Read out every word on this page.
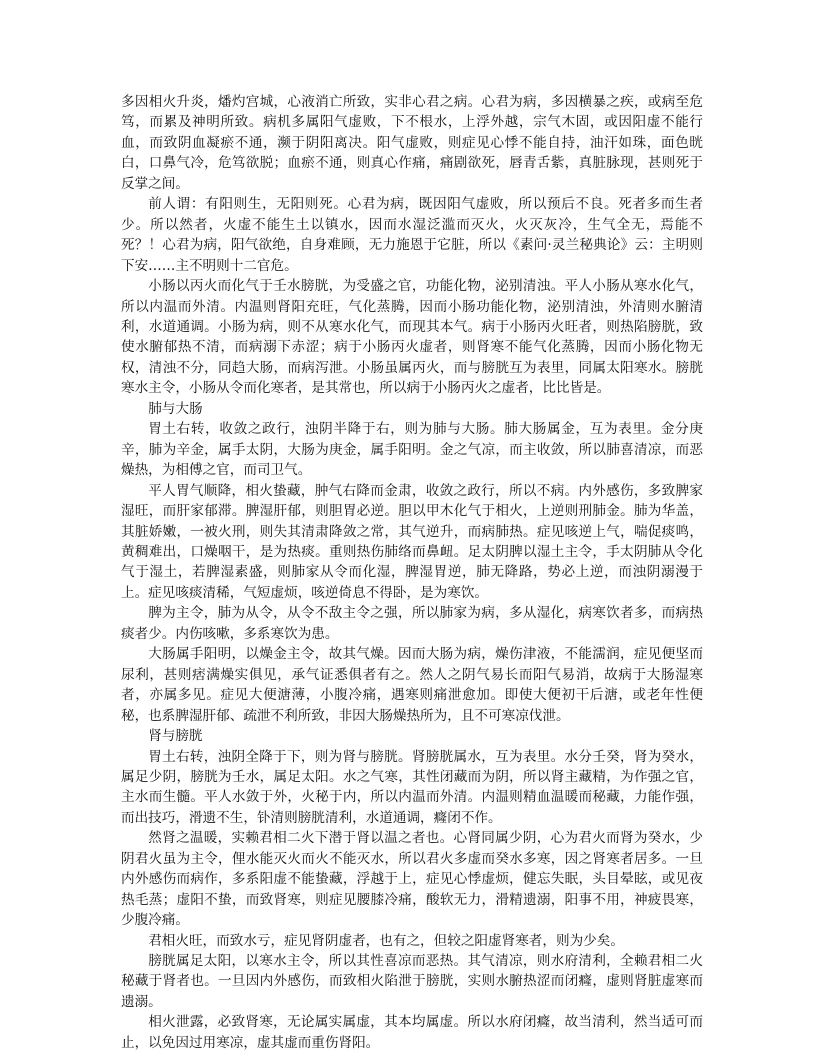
多因相火升炎，燔灼宫城，心液消亡所致，实非心君之病。心君为病，多因横暴之疾，或病至危笃，而累及神明所致。病机多属阳气虚败，下不根水，上浮外越，宗气木固，或因阳虚不能行血，而致阴血凝瘀不通，濒于阴阳离决。阳气虚败，则症见心悸不能自持，油汗如珠，面色晄白，口鼻气冷，危笃欲脱；血瘀不通，则真心作痛，痛剧欲死，唇青舌紫，真脏脉现，甚则死于反掌之间。

前人谓：有阳则生，无阳则死。心君为病，既因阳气虚败，所以预后不良。死者多而生者少。所以然者，火虚不能生土以镇水，因而水湿泛滥而灭火，火灭灰冷，生气全无，焉能不死？！心君为病，阳气欲绝，自身难顾，无力施恩于它脏，所以《素问·灵兰秘典论》云：主明则下安……主不明则十二官危。

小肠以丙火而化气于壬水膀胱，为受盛之官，功能化物，泌别清浊。平人小肠从寒水化气，所以内温而外清。内温则肾阳充旺，气化蒸腾，因而小肠功能化物，泌别清浊，外清则水腑清利，水道通调。小肠为病，则不从寒水化气，而现其本气。病于小肠丙火旺者，则热陷膀胱，致使水腑郁热不清，而病溺下赤涩；病于小肠丙火虚者，则肾寒不能气化蒸腾，因而小肠化物无权，清浊不分，同趋大肠，而病泻泄。小肠虽属丙火，而与膀胱互为表里，同属太阳寒水。膀胱寒水主令，小肠从令而化寒者，是其常也，所以病于小肠丙火之虚者，比比皆是。

肺与大肠

胃土右转，收敛之政行，浊阴半降于右，则为肺与大肠。肺大肠属金，互为表里。金分庚辛，肺为辛金，属手太阴，大肠为庚金，属手阳明。金之气凉，而主收敛，所以肺喜清凉，而恶燥热，为相傅之官，而司卫气。

平人胃气顺降，相火蛰藏，肿气右降而金肃，收敛之政行，所以不病。内外感伤，多致脾家湿旺，而肝家郁滞。脾湿肝郁，则胆胃必逆。胆以甲木化气于相火，上逆则刑肺金。肺为华盖，其脏娇嫩，一被火刑，则失其清肃降敛之常，其气逆升，而病肺热。症见咳逆上气，喘促痰鸣，黄稠难出，口燥咽干，是为热痰。重则热伤肺络而鼻衄。足太阴脾以湿土主令，手太阴肺从令化气于湿土，若脾湿素盛，则肺家从令而化湿，脾湿胃逆，肺无降路，势必上逆，而浊阴溺漫于上。症见咳痰清稀，气短虚烦，咳逆倚息不得卧，是为寒饮。

脾为主令，肺为从令，从令不敌主令之强，所以肺家为病，多从湿化，病寒饮者多，而病热痰者少。内伤咳嗽，多系寒饮为患。

大肠属手阳明，以燥金主令，故其气燥。因而大肠为病，燥伤津液，不能濡润，症见便坚而尿利，甚则痞满燥实俱见，承气证悉俱者有之。然人之阴气易长而阳气易消，故病于大肠湿寒者，亦属多见。症见大便溏薄，小腹冷痛，遇寒则痛泄愈加。即使大便初干后溏，或老年性便秘，也系脾湿肝郁、疏泄不利所致，非因大肠燥热所为，且不可寒凉伐泄。

肾与膀胱

胃土右转，浊阴全降于下，则为肾与膀胱。肾膀胱属水，互为表里。水分壬癸，肾为癸水，属足少阴，膀胱为壬水，属足太阳。水之气寒，其性闭藏而为阴，所以肾主藏精，为作强之官，主水而生髓。平人水敛于外，火秘于内，所以内温而外清。内温则精血温暖而秘藏，力能作强，而出技巧，滑遗不生，钋清则膀胱清利，水道通调，癃闭不作。

然肾之温暖，实赖君相二火下潜于肾以温之者也。心肾同属少阴，心为君火而肾为癸水，少阴君火虽为主令，俚水能灭火而火不能灭水，所以君火多虚而癸水多寒，因之肾寒者居多。一旦内外感伤而病作，多系阳虚不能蛰藏，浮越于上，症见心悸虚烦，健忘失眠，头目晕眩，或见夜热毛蒸；虚阳不蛰，而致肾寒，则症见腰膝冷痛，酸软无力，滑精遗溺，阳事不用，神疲畏寒，少腹冷痛。

君相火旺，而致水亏，症见肾阴虚者，也有之，但较之阳虚肾寒者，则为少矣。

膀胱属足太阳，以寒水主令，所以其性喜凉而恶热。其气清凉，则水府清利，全赖君相二火秘藏于肾者也。一旦因内外感伤，而致相火陷泄于膀胱，实则水腑热涩而闭癃，虚则肾脏虚寒而遗溺。

相火泄露，必致肾寒，无论属实属虚，其本均属虚。所以水府闭癃，故当清利，然当适可而止，以免因过用寒凉，虚其虚而重伤肾阳。
